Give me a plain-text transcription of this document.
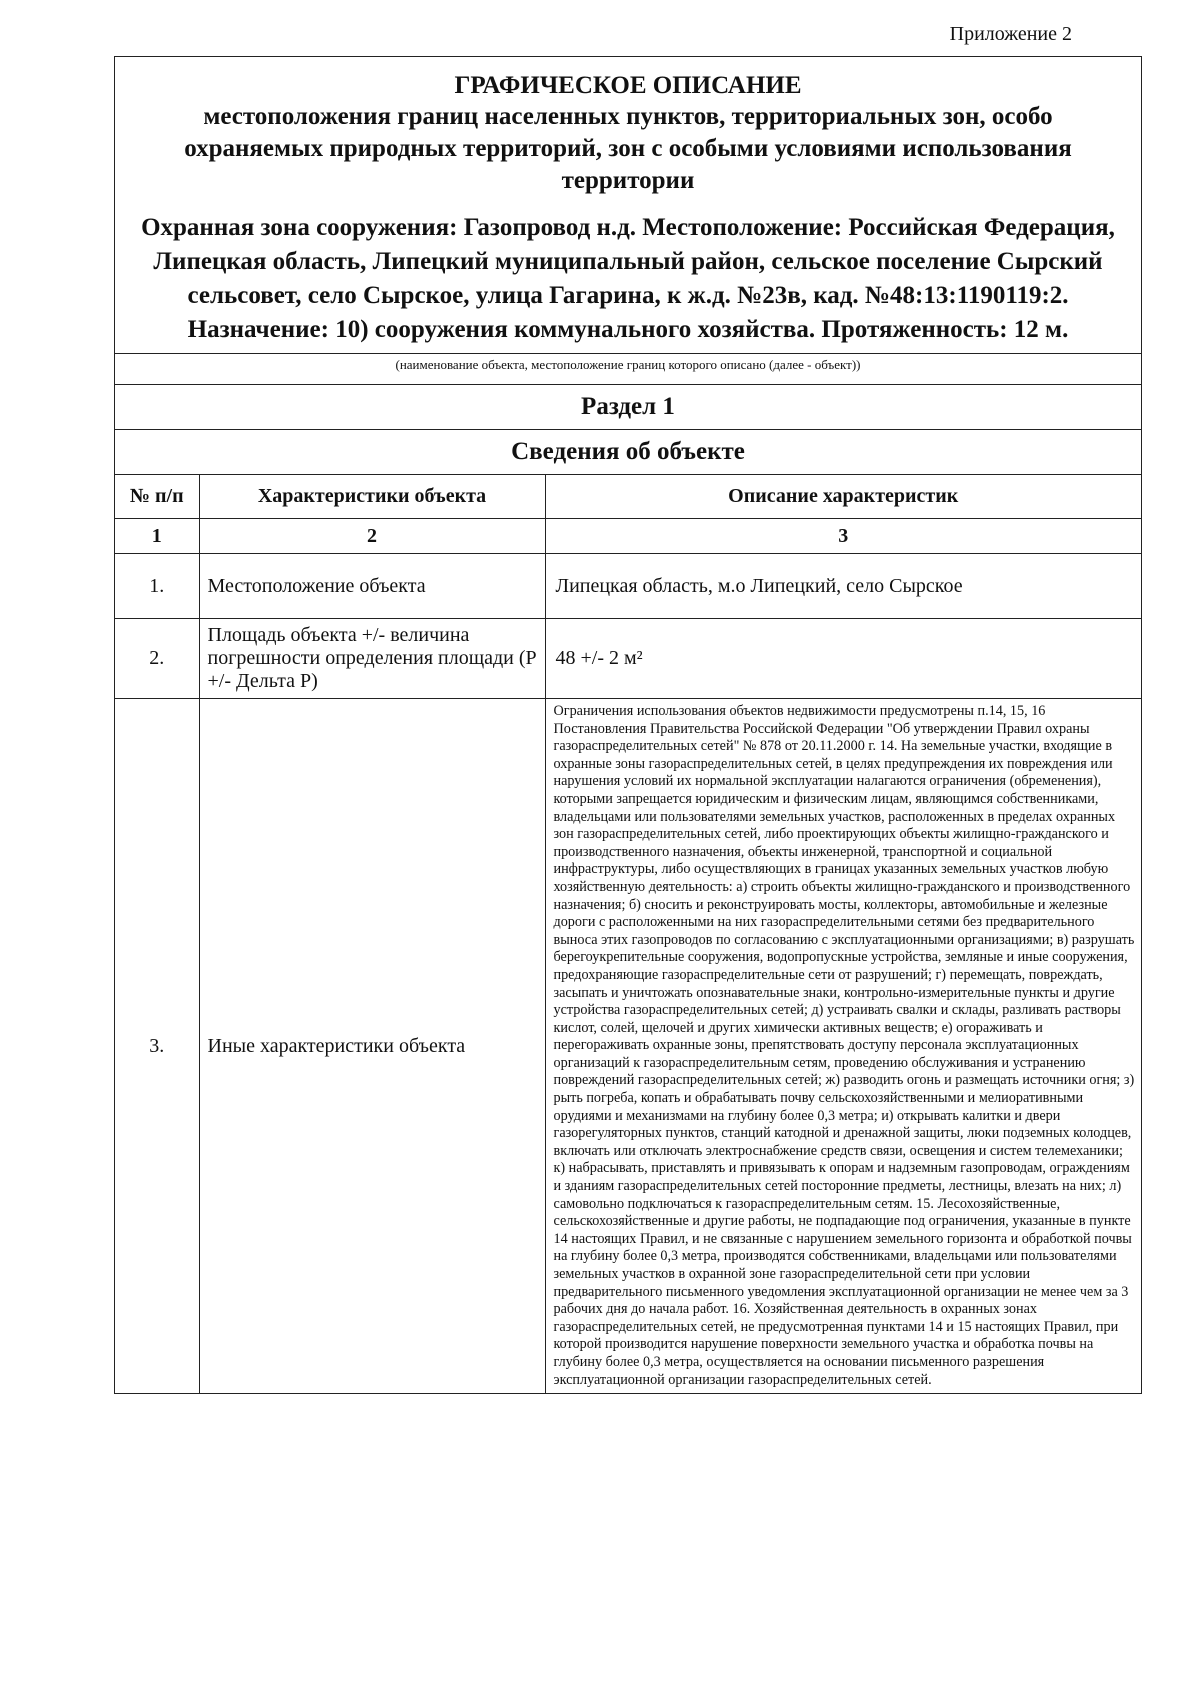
Приложение 2
ГРАФИЧЕСКОЕ ОПИСАНИЕ
местоположения границ населенных пунктов, территориальных зон, особо охраняемых природных территорий, зон с особыми условиями использования территории
Охранная зона сооружения: Газопровод н.д. Местоположение: Российская Федерация, Липецкая область, Липецкий муниципальный район, сельское поселение Сырский сельсовет, село Сырское, улица Гагарина, к ж.д. №23в, кад. №48:13:1190119:2. Назначение: 10) сооружения коммунального хозяйства. Протяженность: 12 м.
(наименование объекта, местоположение границ которого описано (далее - объект))
Раздел 1
Сведения об объекте
№ п/п	Характеристики объекта	Описание характеристик
1	2	3
1.	Местоположение объекта	Липецкая область, м.о Липецкий, село Сырское
2.	Площадь объекта +/- величина погрешности определения площади (P +/- Дельта P)	48 +/- 2 м²
3.	Иные характеристики объекта	Ограничения использования объектов недвижимости предусмотрены п.14, 15, 16 Постановления Правительства Российской Федерации "Об утверждении Правил охраны газораспределительных сетей" № 878 от 20.11.2000 г. 14. На земельные участки, входящие в охранные зоны газораспределительных сетей, в целях предупреждения их повреждения или нарушения условий их нормальной эксплуатации налагаются ограничения (обременения), которыми запрещается юридическим и физическим лицам, являющимся собственниками, владельцами или пользователями земельных участков, расположенных в пределах охранных зон газораспределительных сетей, либо проектирующих объекты жилищно-гражданского и производственного назначения, объекты инженерной, транспортной и социальной инфраструктуры, либо осуществляющих в границах указанных земельных участков любую хозяйственную деятельность: а) строить объекты жилищно-гражданского и производственного назначения; б) сносить и реконструировать мосты, коллекторы, автомобильные и железные дороги с расположенными на них газораспределительными сетями без предварительного выноса этих газопроводов по согласованию с эксплуатационными организациями; в) разрушать берегоукрепительные сооружения, водопропускные устройства, земляные и иные сооружения, предохраняющие газораспределительные сети от разрушений; г) перемещать, повреждать, засыпать и уничтожать опознавательные знаки, контрольно-измерительные пункты и другие устройства газораспределительных сетей; д) устраивать свалки и склады, разливать растворы кислот, солей, щелочей и других химически активных веществ; е) огораживать и перегораживать охранные зоны, препятствовать доступу персонала эксплуатационных организаций к газораспределительным сетям, проведению обслуживания и устранению повреждений газораспределительных сетей; ж) разводить огонь и размещать источники огня; з) рыть погреба, копать и обрабатывать почву сельскохозяйственными и мелиоративными орудиями и механизмами на глубину более 0,3 метра; и) открывать калитки и двери газорегуляторных пунктов, станций катодной и дренажной защиты, люки подземных колодцев, включать или отключать электроснабжение средств связи, освещения и систем телемеханики; к) набрасывать, приставлять и привязывать к опорам и надземным газопроводам, ограждениям и зданиям газораспределительных сетей посторонние предметы, лестницы, влезать на них; л) самовольно подключаться к газораспределительным сетям. 15. Лесохозяйственные, сельскохозяйственные и другие работы, не подпадающие под ограничения, указанные в пункте 14 настоящих Правил, и не связанные с нарушением земельного горизонта и обработкой почвы на глубину более 0,3 метра, производятся собственниками, владельцами или пользователями земельных участков в охранной зоне газораспределительной сети при условии предварительного письменного уведомления эксплуатационной организации не менее чем за 3 рабочих дня до начала работ. 16. Хозяйственная деятельность в охранных зонах газораспределительных сетей, не предусмотренная пунктами 14 и 15 настоящих Правил, при которой производится нарушение поверхности земельного участка и обработка почвы на глубину более 0,3 метра, осуществляется на основании письменного разрешения эксплуатационной организации газораспределительных сетей.
